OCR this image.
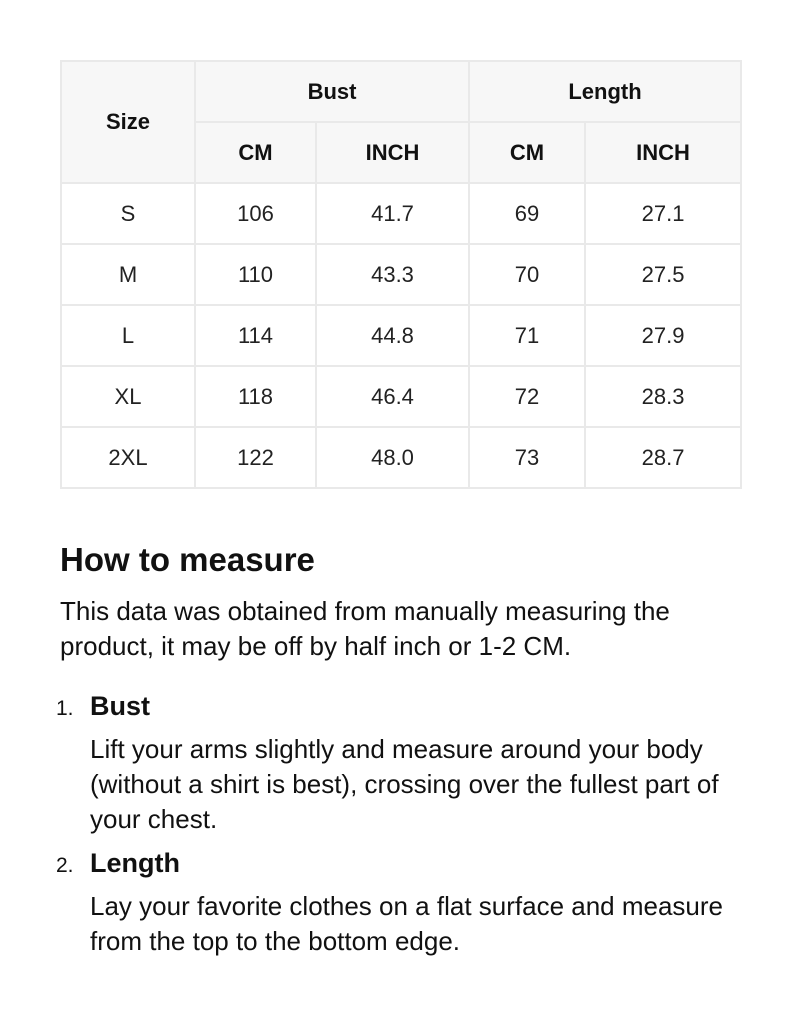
Size	Bust		Length	
	CM	INCH	CM	INCH
S	106	41.7	69	27.1
M	110	43.3	70	27.5
L	114	44.8	71	27.9
XL	118	46.4	72	28.3
2XL	122	48.0	73	28.7
How to measure

This data was obtained from manually measuring the product, it may be off by half inch or 1-2 CM.

1. Bust
Lift your arms slightly and measure around your body (without a shirt is best), crossing over the fullest part of your chest.
2. Length
Lay your favorite clothes on a flat surface and measure from the top to the bottom edge.
